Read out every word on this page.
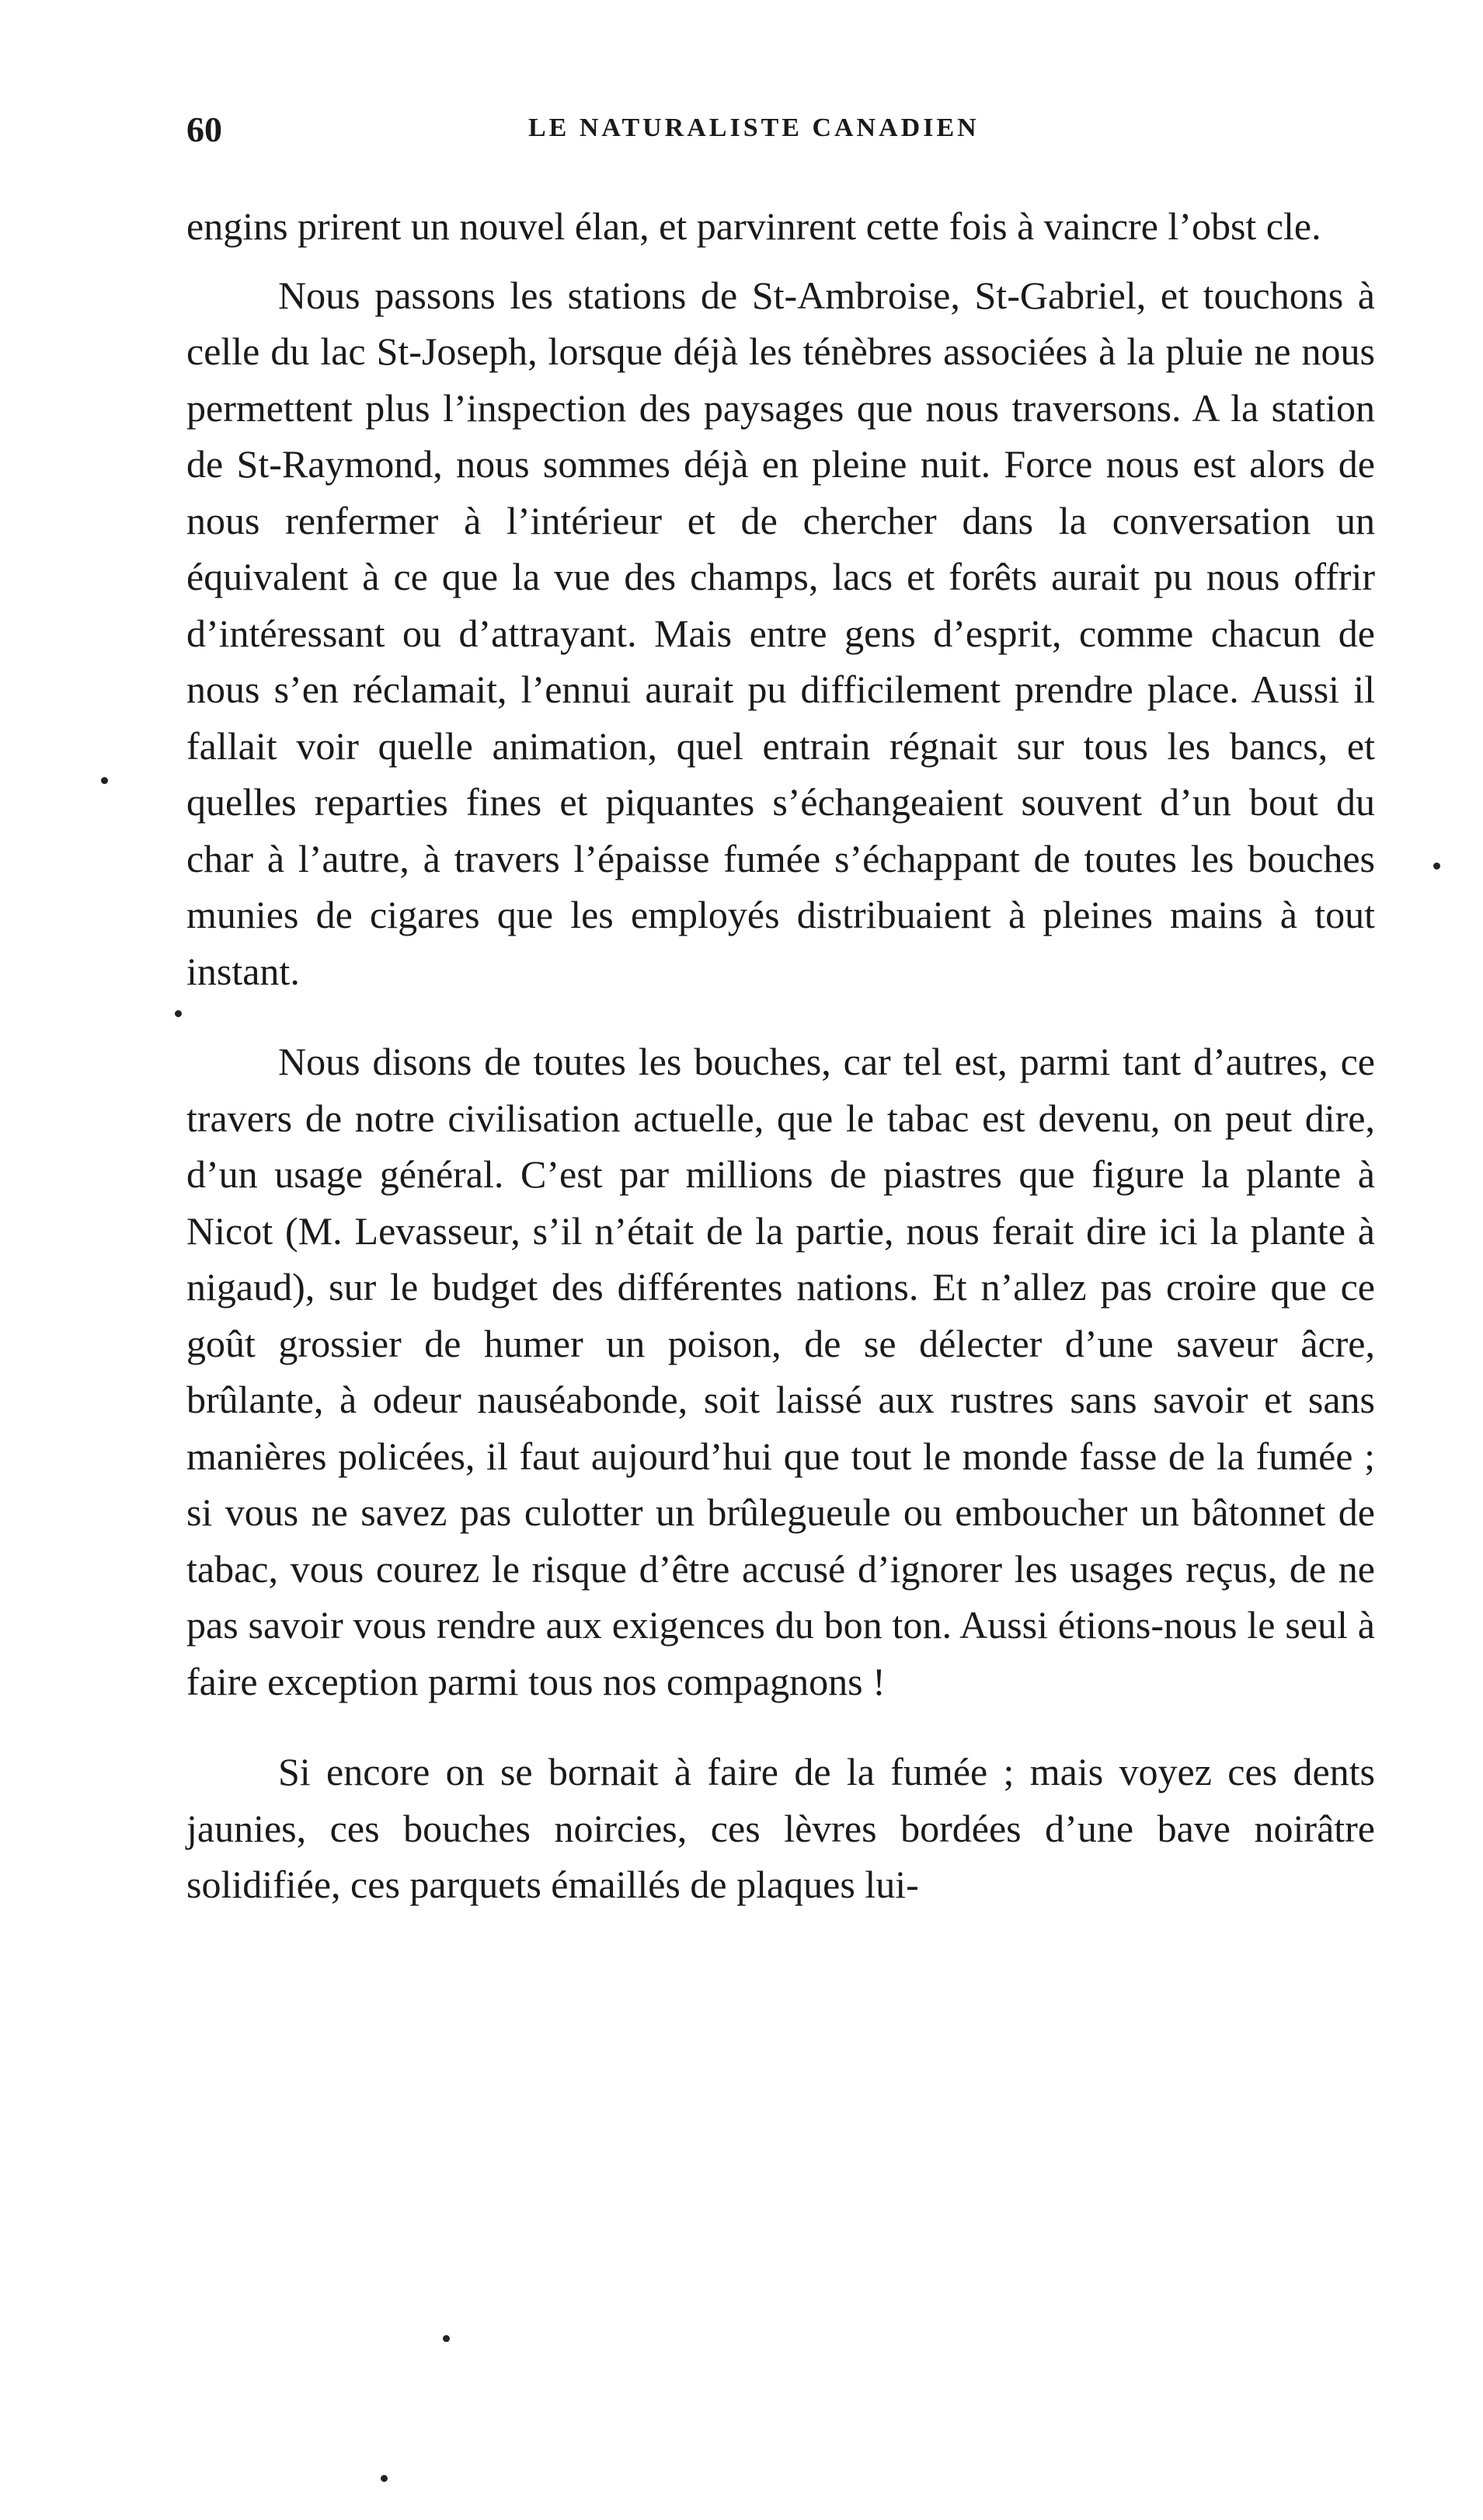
60	LE NATURALISTE CANADIEN

engins prirent un nouvel élan, et parvinrent cette fois à vaincre l’obst cle.

Nous passons les stations de St-Ambroise, St-Gabriel, et touchons à celle du lac St-Joseph, lorsque déjà les ténèbres associées à la pluie ne nous permettent plus l’inspection des paysages que nous traversons. A la station de St-Raymond, nous sommes déjà en pleine nuit. Force nous est alors de nous renfermer à l’intérieur et de chercher dans la conversation un équivalent à ce que la vue des champs, lacs et forêts aurait pu nous offrir d’intéressant ou d’attrayant. Mais entre gens d’esprit, comme chacun de nous s’en réclamait, l’ennui aurait pu difficilement prendre place. Aussi il fallait voir quelle animation, quel entrain régnait sur tous les bancs, et quelles reparties fines et piquantes s’échangeaient souvent d’un bout du char à l’autre, à travers l’épaisse fumée s’échappant de toutes les bouches munies de cigares que les employés distribuaient à pleines mains à tout instant.

Nous disons de toutes les bouches, car tel est, parmi tant d’autres, ce travers de notre civilisation actuelle, que le tabac est devenu, on peut dire, d’un usage général. C’est par millions de piastres que figure la plante à Nicot (M. Levasseur, s’il n’était de la partie, nous ferait dire ici la plante à nigaud), sur le budget des différentes nations. Et n’allez pas croire que ce goût grossier de humer un poison, de se délecter d’une saveur âcre, brûlante, à odeur nauséabonde, soit laissé aux rustres sans savoir et sans manières policées, il faut aujourd’hui que tout le monde fasse de la fumée ; si vous ne savez pas culotter un brûlegueule ou emboucher un bâtonnet de tabac, vous courez le risque d’être accusé d’ignorer les usages reçus, de ne pas savoir vous rendre aux exigences du bon ton. Aussi étions-nous le seul à faire exception parmi tous nos compagnons !

Si encore on se bornait à faire de la fumée ; mais voyez ces dents jaunies, ces bouches noircies, ces lèvres bordées d’une bave noirâtre solidifiée, ces parquets émaillés de plaques lui-
